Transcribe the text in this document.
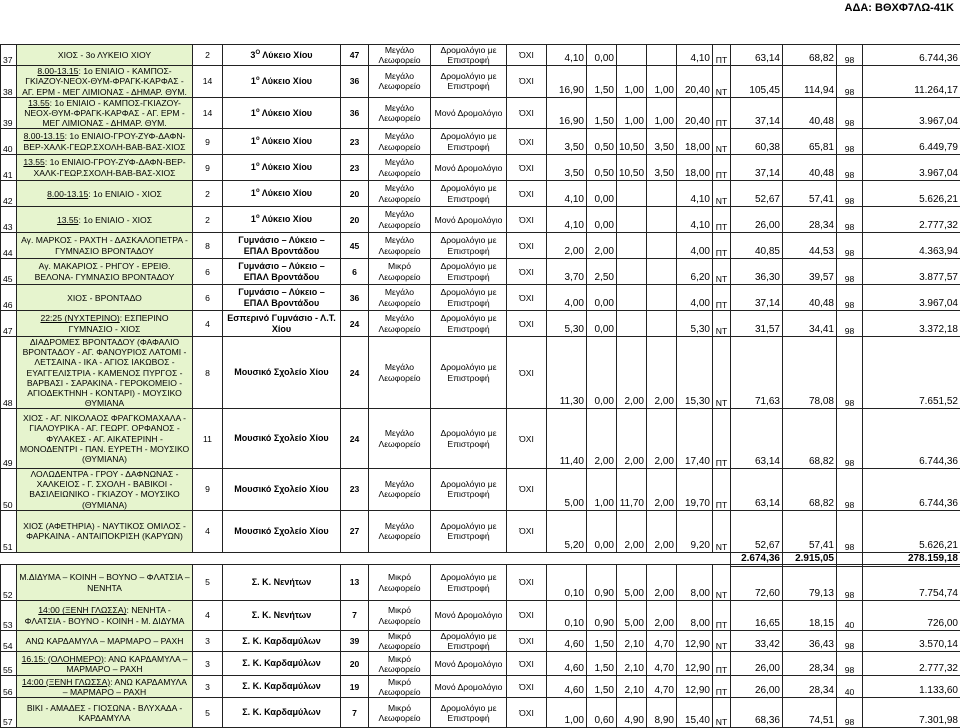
ΑΔΑ: ΒΘΧΦ7ΛΩ-41Κ
37	ΧΙΟΣ - 3ο ΛΥΚΕΙΟ ΧΙΟΥ	2	$3^O$ Λύκειο Χίου	47	Μεγάλο Λεωφορείο	Δρομολόγιο με Επιστροφή	ΌΧΙ	4,10	0,00			4,10	ΠΤ	63,14	68,82	98	6.744,36
38	8.00-13.15: 1ο ΕΝΙΑΙΟ - ΚΑΜΠΟΣ-ΓΚΙΑΖΟΥ-ΝΕΟΧ-ΘΥΜ-ΦΡΑΓΚ-ΚΑΡΦΑΣ - ΑΓ. ΕΡΜ - ΜΕΓ ΛΙΜΙΟΝΑΣ - ΔΗΜΑΡ. ΘΥΜ.	14	$1^o$ Λύκειο Χίου	36	Μεγάλο Λεωφορείο	Δρομολόγιο με Επιστροφή	ΌΧΙ	16,90	1,50	1,00	1,00	20,40	ΝΤ	105,45	114,94	98	11.264,17
39	13.55: 1ο ΕΝΙΑΙΟ - ΚΑΜΠΟΣ-ΓΚΙΑΖΟΥ-ΝΕΟΧ-ΘΥΜ-ΦΡΑΓΚ-ΚΑΡΦΑΣ - ΑΓ. ΕΡΜ - ΜΕΓ ΛΙΜΙΟΝΑΣ - ΔΗΜΑΡ. ΘΥΜ.	14	$1^o$ Λύκειο Χίου	36	Μεγάλο Λεωφορείο	Μονό Δρομολόγιο	ΌΧΙ	16,90	1,50	1,00	1,00	20,40	ΠΤ	37,14	40,48	98	3.967,04
40	8.00-13.15: 1ο ΕΝΙΑΙΟ-ΓΡΟΥ-ΖΥΦ-ΔΑΦΝ-ΒΕΡ-ΧΑΛΚ-ΓΕΩΡ.ΣΧΟΛΗ-ΒΑΒ-ΒΑΣ-ΧΙΟΣ	9	$1^o$ Λύκειο Χίου	23	Μεγάλο Λεωφορείο	Δρομολόγιο με Επιστροφή	ΌΧΙ	3,50	0,50	10,50	3,50	18,00	ΝΤ	60,38	65,81	98	6.449,79
41	13.55: 1ο ΕΝΙΑΙΟ-ΓΡΟΥ-ΖΥΦ-ΔΑΦΝ-ΒΕΡ-ΧΑΛΚ-ΓΕΩΡ.ΣΧΟΛΗ-ΒΑΒ-ΒΑΣ-ΧΙΟΣ	9	$1^o$ Λύκειο Χίου	23	Μεγάλο Λεωφορείο	Μονό Δρομολόγιο	ΌΧΙ	3,50	0,50	10,50	3,50	18,00	ΠΤ	37,14	40,48	98	3.967,04
42	8.00-13.15: 1ο ΕΝΙΑΙΟ - ΧΙΟΣ	2	$1^o$ Λύκειο Χίου	20	Μεγάλο Λεωφορείο	Δρομολόγιο με Επιστροφή	ΌΧΙ	4,10	0,00			4,10	ΝΤ	52,67	57,41	98	5.626,21
43	13.55: 1ο ΕΝΙΑΙΟ - ΧΙΟΣ	2	$1^o$ Λύκειο Χίου	20	Μεγάλο Λεωφορείο	Μονό Δρομολόγιο	ΌΧΙ	4,10	0,00			4,10	ΠΤ	26,00	28,34	98	2.777,32
44	Αγ. ΜΑΡΚΟΣ - ΡΑΧΤΗ - ΔΑΣΚΑΛΟΠΕΤΡΑ - ΓΥΜΝΑΣΙΟ ΒΡΟΝΤΑΔΟΥ	8	Γυμνάσιο – Λύκειο – ΕΠΑΛ Βροντάδου	45	Μεγάλο Λεωφορείο	Δρομολόγιο με Επιστροφή	ΌΧΙ	2,00	2,00			4,00	ΠΤ	40,85	44,53	98	4.363,94
45	Αγ. ΜΑΚΑΡΙΟΣ - ΡΗΓΟΥ - ΕΡΕΙΘ. ΒΕΛΟΝΑ- ΓΥΜΝΑΣΙΟ ΒΡΟΝΤΑΔΟΥ	6	Γυμνάσιο – Λύκειο – ΕΠΑΛ Βροντάδου	6	Μικρό Λεωφορείο	Δρομολόγιο με Επιστροφή	ΌΧΙ	3,70	2,50			6,20	ΝΤ	36,30	39,57	98	3.877,57
46	ΧΙΟΣ - ΒΡΟΝΤΑΔΟ	6	Γυμνάσιο – Λύκειο – ΕΠΑΛ Βροντάδου	36	Μεγάλο Λεωφορείο	Δρομολόγιο με Επιστροφή	ΌΧΙ	4,00	0,00			4,00	ΠΤ	37,14	40,48	98	3.967,04
47	22:25 (ΝΥΧΤΕΡΙΝΟ): ΕΣΠΕΡΙΝΟ ΓΥΜΝΑΣΙΟ - ΧΙΟΣ	4	Εσπερινό Γυμνάσιο - Λ.Τ. Χίου	24	Μεγάλο Λεωφορείο	Δρομολόγιο με Επιστροφή	ΌΧΙ	5,30	0,00			5,30	ΝΤ	31,57	34,41	98	3.372,18
48	ΔΙΑΔΡΟΜΕΣ ΒΡΟΝΤΑΔΟΥ (ΦΑΦΑΛΙΟ ΒΡΟΝΤΑΔΟΥ - ΑΓ. ΦΑΝΟΥΡΙΟΣ ΛΑΤΟΜΙ - ΛΕΤΣΑΙΝΑ - ΙΚΑ - ΑΓΙΟΣ ΙΑΚΩΒΟΣ - ΕΥΑΓΓΕΛΙΣΤΡΙΑ - ΚΑΜΕΝΟΣ ΠΥΡΓΟΣ - ΒΑΡΒΑΣΙ - ΣΑΡΑΚΙΝΑ - ΓΕΡΟΚΟΜΕΙΟ - ΑΓΙΟΔΕΚΤΗΝΗ - ΚΟΝΤΑΡΙ) - ΜΟΥΣΙΚΟ ΘΥΜΙΑΝΑ	8	Μουσικό Σχολείο Χίου	24	Μεγάλο Λεωφορείο	Δρομολόγιο με Επιστροφή	ΌΧΙ	11,30	0,00	2,00	2,00	15,30	ΝΤ	71,63	78,08	98	7.651,52
49	ΧΙΟΣ - ΑΓ. ΝΙΚΟΛΑΟΣ ΦΡΑΓΚΟΜΑΧΑΛΑ - ΓΙΑΛΟΥΡΙΚΑ - ΑΓ. ΓΕΩΡΓ. ΟΡΦΑΝΟΣ - ΦΥΛΑΚΕΣ - ΑΓ. ΑΙΚΑΤΕΡΙΝΗ - ΜΟΝΟΔΕΝΤΡΙ - ΠΑΝ. ΕΥΡΕΤΗ - ΜΟΥΣΙΚΟ (ΘΥΜΙΑΝΑ)	11	Μουσικό Σχολείο Χίου	24	Μεγάλο Λεωφορείο	Δρομολόγιο με Επιστροφή	ΌΧΙ	11,40	2,00	2,00	2,00	17,40	ΠΤ	63,14	68,82	98	6.744,36
50	ΛΟΛΩΔΕΝΤΡΑ - ΓΡΟΥ - ΔΑΦΝΩΝΑΣ - ΧΑΛΚΕΙΟΣ - Γ. ΣΧΟΛΗ - ΒΑΒΙΚΟΙ - ΒΑΣΙΛΕΙΩΝΙΚΟ - ΓΚΙΑΖΟΥ - ΜΟΥΣΙΚΟ (ΘΥΜΙΑΝΑ)	9	Μουσικό Σχολείο Χίου	23	Μεγάλο Λεωφορείο	Δρομολόγιο με Επιστροφή	ΌΧΙ	5,00	1,00	11,70	2,00	19,70	ΠΤ	63,14	68,82	98	6.744,36
51	ΧΙΟΣ (ΑΦΕΤΗΡΙΑ) - ΝΑΥΤΙΚΟΣ ΟΜΙΛΟΣ - ΦΑΡΚΑΙΝΑ - ΑΝΤΑΙΠΟΚΡΙΣΗ (ΚΑΡΥΩΝ)	4	Μουσικό Σχολείο Χίου	27	Μεγάλο Λεωφορείο	Δρομολόγιο με Επιστροφή	ΌΧΙ	5,20	0,00	2,00	2,00	9,20	ΝΤ	52,67	57,41	98	5.626,21
														2.674,36	2.915,05		278.159,18
52	Μ.ΔΙΔΥΜΑ – ΚΟΙΝΗ – ΒΟΥΝΟ – ΦΛΑΤΣΙΑ – ΝΕΝΗΤΑ	5	Σ. Κ. Νενήτων	13	Μικρό Λεωφορείο	Δρομολόγιο με Επιστροφή	ΌΧΙ	0,10	0,90	5,00	2,00	8,00	ΝΤ	72,60	79,13	98	7.754,74
53	14:00 (ΞΕΝΗ ΓΛΩΣΣΑ): ΝΕΝΗΤΑ - ΦΛΑΤΣΙΑ - ΒΟΥΝΟ - ΚΟΙΝΗ - Μ. ΔΙΔΥΜΑ	4	Σ. Κ. Νενήτων	7	Μικρό Λεωφορείο	Μονό Δρομολόγιο	ΌΧΙ	0,10	0,90	5,00	2,00	8,00	ΠΤ	16,65	18,15	40	726,00
54	ΑΝΩ ΚΑΡΔΑΜΥΛΑ – ΜΑΡΜΑΡΟ – ΡΑΧΗ	3	Σ. Κ. Καρδαμύλων	39	Μικρό Λεωφορείο	Δρομολόγιο με Επιστροφή	ΌΧΙ	4,60	1,50	2,10	4,70	12,90	ΝΤ	33,42	36,43	98	3.570,14
55	16.15: (ΟΛΟΗΜΕΡΟ): ΑΝΩ ΚΑΡΔΑΜΥΛΑ – ΜΑΡΜΑΡΟ – ΡΑΧΗ	3	Σ. Κ. Καρδαμύλων	20	Μικρό Λεωφορείο	Μονό Δρομολόγιο	ΌΧΙ	4,60	1,50	2,10	4,70	12,90	ΠΤ	26,00	28,34	98	2.777,32
56	14:00 (ΞΕΝΗ ΓΛΩΣΣΑ): ΑΝΩ ΚΑΡΔΑΜΥΛΑ – ΜΑΡΜΑΡΟ – ΡΑΧΗ	3	Σ. Κ. Καρδαμύλων	19	Μικρό Λεωφορείο	Μονό Δρομολόγιο	ΌΧΙ	4,60	1,50	2,10	4,70	12,90	ΠΤ	26,00	28,34	40	1.133,60
57	ΒΙΚΙ - ΑΜΑΔΕΣ - ΓΙΟΣΩΝΑ - ΒΛΥΧΑΔΑ - ΚΑΡΔΑΜΥΛΑ	5	Σ. Κ. Καρδαμύλων	7	Μικρό Λεωφορείο	Δρομολόγιο με Επιστροφή	ΌΧΙ	1,00	0,60	4,90	8,90	15,40	ΝΤ	68,36	74,51	98	7.301,98
